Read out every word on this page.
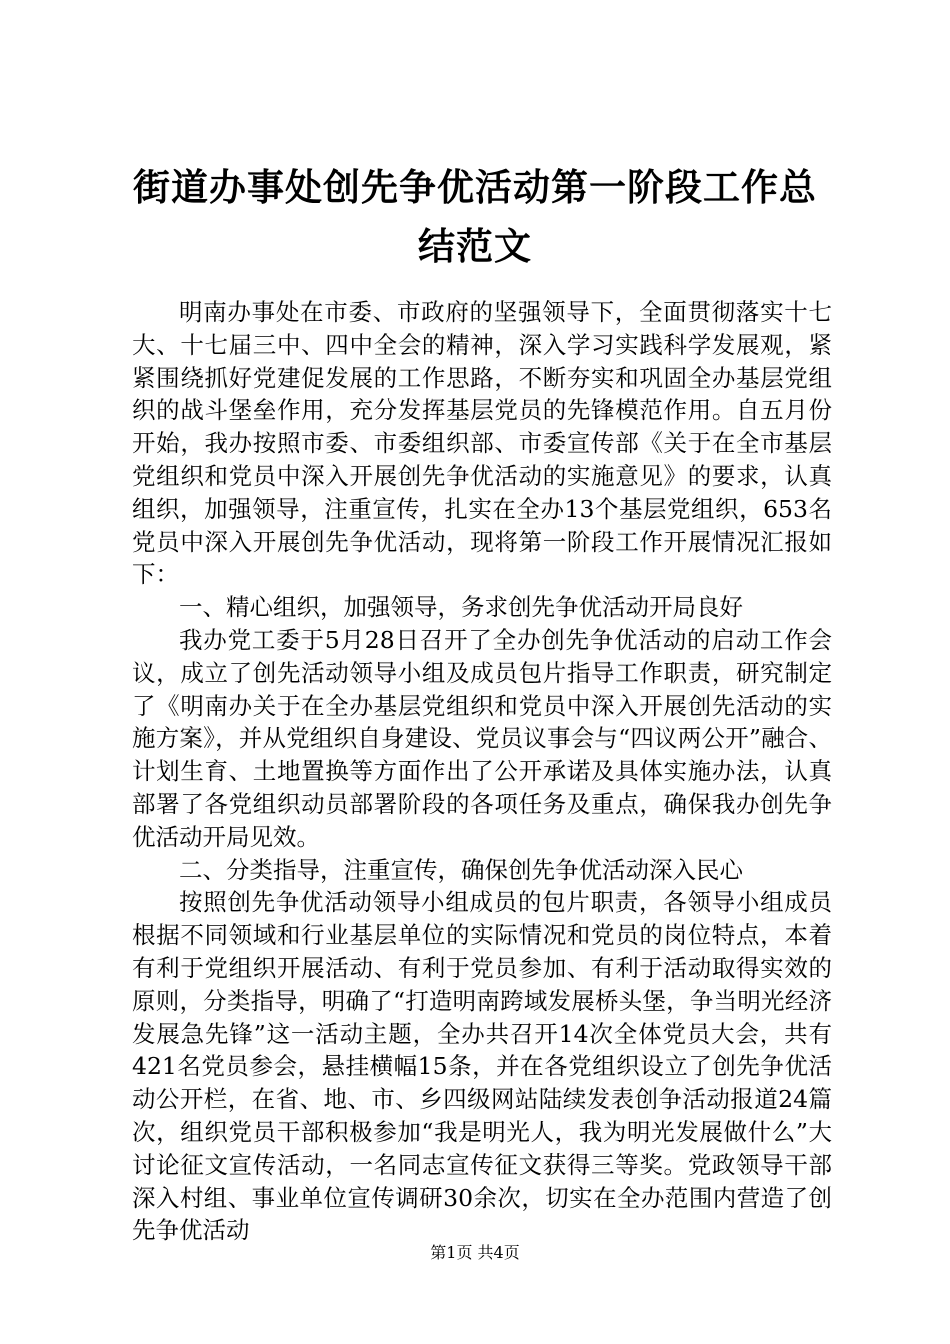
街道办事处创先争优活动第一阶段工作总结范文

明南办事处在市委、市政府的坚强领导下，全面贯彻落实十七大、十七届三中、四中全会的精神，深入学习实践科学发展观，紧紧围绕抓好党建促发展的工作思路，不断夯实和巩固全办基层党组织的战斗堡垒作用，充分发挥基层党员的先锋模范作用。自五月份开始，我办按照市委、市委组织部、市委宣传部《关于在全市基层党组织和党员中深入开展创先争优活动的实施意见》的要求，认真组织，加强领导，注重宣传，扎实在全办13个基层党组织，653名党员中深入开展创先争优活动，现将第一阶段工作开展情况汇报如下：

一、精心组织，加强领导，务求创先争优活动开局良好

我办党工委于5月28日召开了全办创先争优活动的启动工作会议，成立了创先活动领导小组及成员包片指导工作职责，研究制定了《明南办关于在全办基层党组织和党员中深入开展创先活动的实施方案》，并从党组织自身建设、党员议事会与“四议两公开”融合、计划生育、土地置换等方面作出了公开承诺及具体实施办法，认真部署了各党组织动员部署阶段的各项任务及重点，确保我办创先争优活动开局见效。

二、分类指导，注重宣传，确保创先争优活动深入民心

按照创先争优活动领导小组成员的包片职责，各领导小组成员根据不同领域和行业基层单位的实际情况和党员的岗位特点，本着有利于党组织开展活动、有利于党员参加、有利于活动取得实效的原则，分类指导，明确了“打造明南跨域发展桥头堡，争当明光经济发展急先锋”这一活动主题，全办共召开14次全体党员大会，共有421名党员参会，悬挂横幅15条，并在各党组织设立了创先争优活动公开栏，在省、地、市、乡四级网站陆续发表创争活动报道24篇次，组织党员干部积极参加“我是明光人，我为明光发展做什么”大讨论征文宣传活动，一名同志宣传征文获得三等奖。党政领导干部深入村组、事业单位宣传调研30余次，切实在全办范围内营造了创先争优活动

第1页 共4页
